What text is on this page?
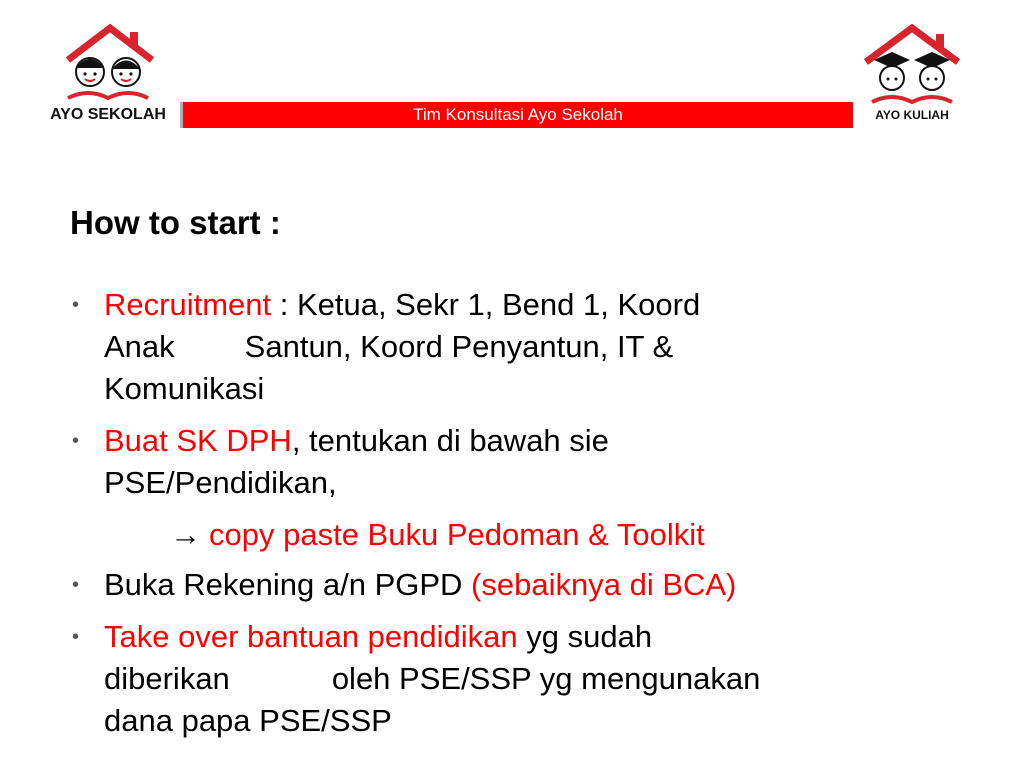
AYO SEKOLAH	Tim Konsultasi Ayo Sekolah	AYO KULIAH
How to start :
• Recruitment : Ketua, Sekr 1, Bend 1, Koord
Anak Santun, Koord Penyantun, IT &
Komunikasi
• Buat SK DPH, tentukan di bawah sie
PSE/Pendidikan,
→ copy paste Buku Pedoman & Toolkit
• Buka Rekening a/n PGPD (sebaiknya di BCA)
• Take over bantuan pendidikan yg sudah
diberikan	oleh PSE/SSP yg mengunakan
dana papa PSE/SSP
